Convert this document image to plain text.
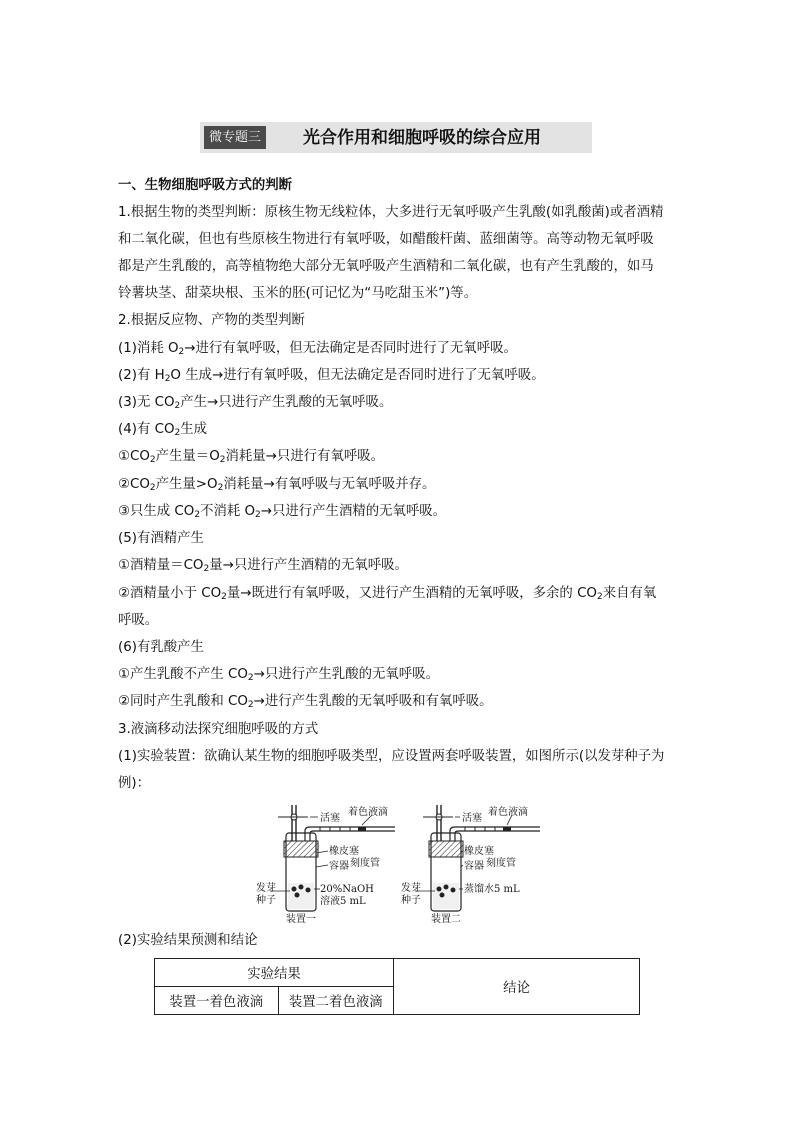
微专题三 光合作用和细胞呼吸的综合应用
一、生物细胞呼吸方式的判断
1.根据生物的类型判断：原核生物无线粒体，大多进行无氧呼吸产生乳酸(如乳酸菌)或者酒精
和二氧化碳，但也有些原核生物进行有氧呼吸，如醋酸杆菌、蓝细菌等。高等动物无氧呼吸
都是产生乳酸的，高等植物绝大部分无氧呼吸产生酒精和二氧化碳，也有产生乳酸的，如马
铃薯块茎、甜菜块根、玉米的胚(可记忆为“马吃甜玉米”)等。
2.根据反应物、产物的类型判断
(1)消耗 $O_2\to$进行有氧呼吸，但无法确定是否同时进行了无氧呼吸。
(2)有 $H_2O$ 生成→进行有氧呼吸，但无法确定是否同时进行了无氧呼吸。
(3)无 $CO_2$产生→只进行产生乳酸的无氧呼吸。
(4)有 $CO_2$生成
$①CO_2$产生量$=O_2$消耗量→只进行有氧呼吸。
$②CO_2$产生量$>O_2$消耗量→有氧呼吸与无氧呼吸并存。
③只生成 $CO_2$不消耗 $O_2\to$只进行产生酒精的无氧呼吸。
(5)有酒精产生
①酒精量$=CO_2$量→只进行产生酒精的无氧呼吸。
②酒精量小于 $CO_2$量→既进行有氧呼吸，又进行产生酒精的无氧呼吸，多余的 $CO_2$来自有氧
呼吸。
(6)有乳酸产生
①产生乳酸不产生 $CO_2\to$只进行产生乳酸的无氧呼吸。
②同时产生乳酸和 $CO_2\to$进行产生乳酸的无氧呼吸和有氧呼吸。
3.液滴移动法探究细胞呼吸的方式
(1)实验装置：欲确认某生物的细胞呼吸类型，应设置两套呼吸装置，如图所示(以发芽种子为
例)：
活塞
着色液滴
橡皮塞
刻度管
容器
发芽
种子
20%NaOH
溶液5 mL
装置一
活塞
着色液滴
橡皮塞
刻度管
容器
发芽
种子
蒸馏水5 mL
装置二
(2)实验结果预测和结论
实验结果		结论
装置一着色液滴	装置二着色液滴	
